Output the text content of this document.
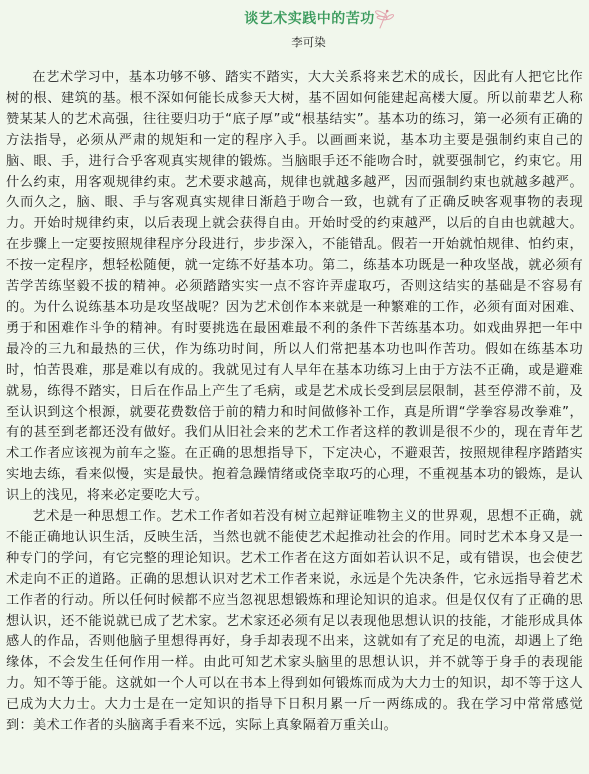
谈艺术实践中的苦功
李可染

在艺术学习中，基本功够不够、踏实不踏实，大大关系将来艺术的成长，因此有人把它比作树的根、建筑的基。根不深如何能长成参天大树，基不固如何能建起高楼大厦。所以前辈艺人称赞某某人的艺术高强，往往要归功于“底子厚”或“根基结实”。基本功的练习，第一必须有正确的方法指导，必须从严肃的规矩和一定的程序入手。以画画来说，基本功主要是强制约束自己的脑、眼、手，进行合乎客观真实规律的锻炼。当脑眼手还不能吻合时，就要强制它，约束它。用什么约束，用客观规律约束。艺术要求越高，规律也就越多越严，因而强制约束也就越多越严。久而久之，脑、眼、手与客观真实规律日渐趋于吻合一致，也就有了正确反映客观事物的表现力。开始时规律约束，以后表现上就会获得自由。开始时受的约束越严，以后的自由也就越大。在步骤上一定要按照规律程序分段进行，步步深入，不能错乱。假若一开始就怕规律、怕约束，不按一定程序，想轻松随便，就一定练不好基本功。第二，练基本功既是一种攻坚战，就必须有苦学苦练坚毅不拔的精神。必须踏踏实实一点不容许弄虚取巧，否则这结实的基础是不容易有的。为什么说练基本功是攻坚战呢？因为艺术创作本来就是一种繁难的工作，必须有面对困难、勇于和困难作斗争的精神。有时要挑选在最困难最不利的条件下苦练基本功。如戏曲界把一年中最冷的三九和最热的三伏，作为练功时间，所以人们常把基本功也叫作苦功。假如在练基本功时，怕苦畏难，那是难以有成的。我就见过有人早年在基本功练习上由于方法不正确，或是避难就易，练得不踏实，日后在作品上产生了毛病，或是艺术成长受到层层限制，甚至停滞不前，及至认识到这个根源，就要花费数倍于前的精力和时间做修补工作，真是所谓“学拳容易改拳难”，有的甚至到老都还没有做好。我们从旧社会来的艺术工作者这样的教训是很不少的，现在青年艺术工作者应该视为前车之鉴。在正确的思想指导下，下定决心，不避艰苦，按照规律程序踏踏实实地去练，看来似慢，实是最快。抱着急躁情绪或侥幸取巧的心理，不重视基本功的锻炼，是认识上的浅见，将来必定要吃大亏。

艺术是一种思想工作。艺术工作者如若没有树立起辩证唯物主义的世界观，思想不正确，就不能正确地认识生活，反映生活，当然也就不能使艺术起推动社会的作用。同时艺术本身又是一种专门的学问，有它完整的理论知识。艺术工作者在这方面如若认识不足，或有错误，也会使艺术走向不正的道路。正确的思想认识对艺术工作者来说，永远是个先决条件，它永远指导着艺术工作者的行动。所以任何时候都不应当忽视思想锻炼和理论知识的追求。但是仅仅有了正确的思想认识，还不能说就已成了艺术家。艺术家还必须有足以表现他思想认识的技能，才能形成具体感人的作品，否则他脑子里想得再好，身手却表现不出来，这就如有了充足的电流，却遇上了绝缘体，不会发生任何作用一样。由此可知艺术家头脑里的思想认识，并不就等于身手的表现能力。知不等于能。这就如一个人可以在书本上得到如何锻炼而成为大力士的知识，却不等于这人已成为大力士。大力士是在一定知识的指导下日积月累一斤一两练成的。我在学习中常常感觉到：美术工作者的头脑离手看来不远，实际上真象隔着万重关山。
